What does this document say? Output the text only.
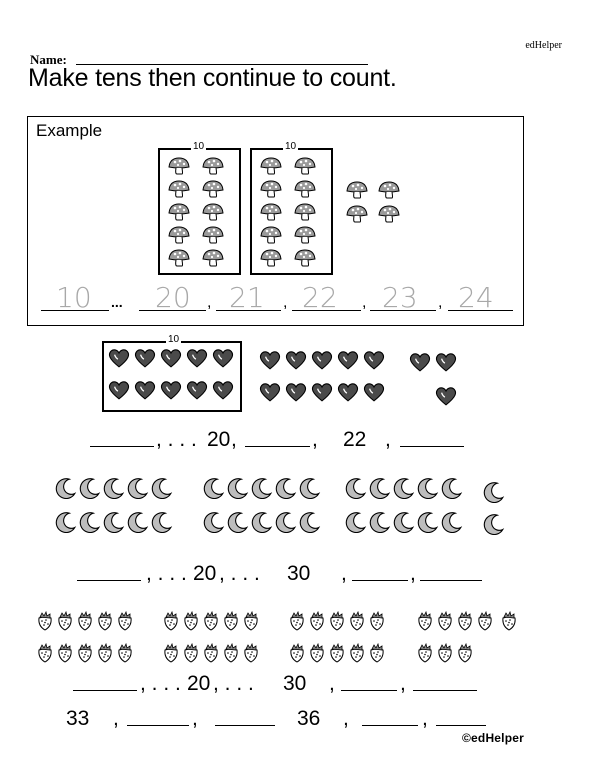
edHelper
Name:
Make tens then continue to count.
Example
10	10
10 ... 20 , 21 , 22 , 23 , 24
10
, . . . 20 ,	, 22 ,
, . . . 20 , . . . 30 ,	,
, . . . 20 , . . . 30 ,	,
33 ,	,	36 ,	,
©edHelper
